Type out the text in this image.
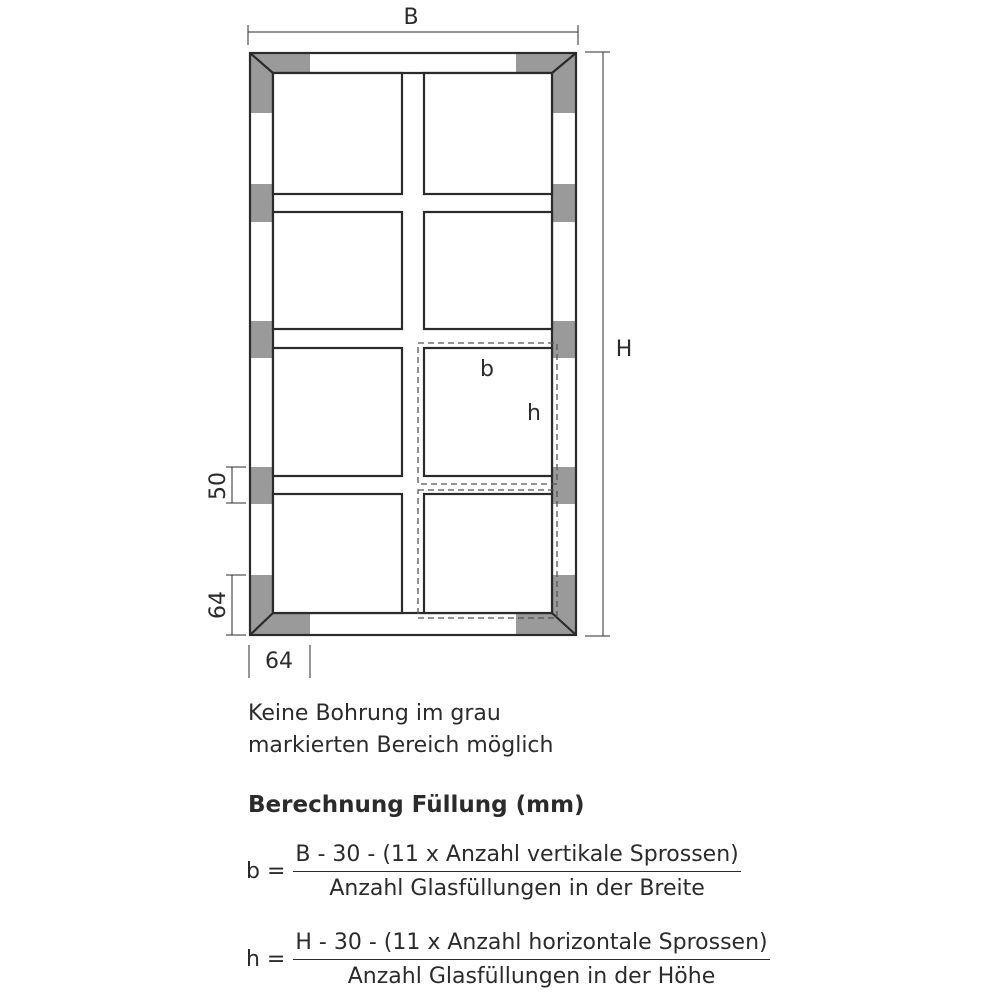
B
H
b
h
50
64
64
Keine Bohrung im grau
markierten Bereich möglich
Berechnung Füllung (mm)
$b = \frac{\text{B - 30 - (11 x Anzahl vertikale Sprossen)}}{\text{Anzahl Glasfüllungen in der Breite}}$
$h = \frac{\text{H - 30 - (11 x Anzahl horizontale Sprossen)}}{\text{Anzahl Glasfüllungen in der Höhe}}$
